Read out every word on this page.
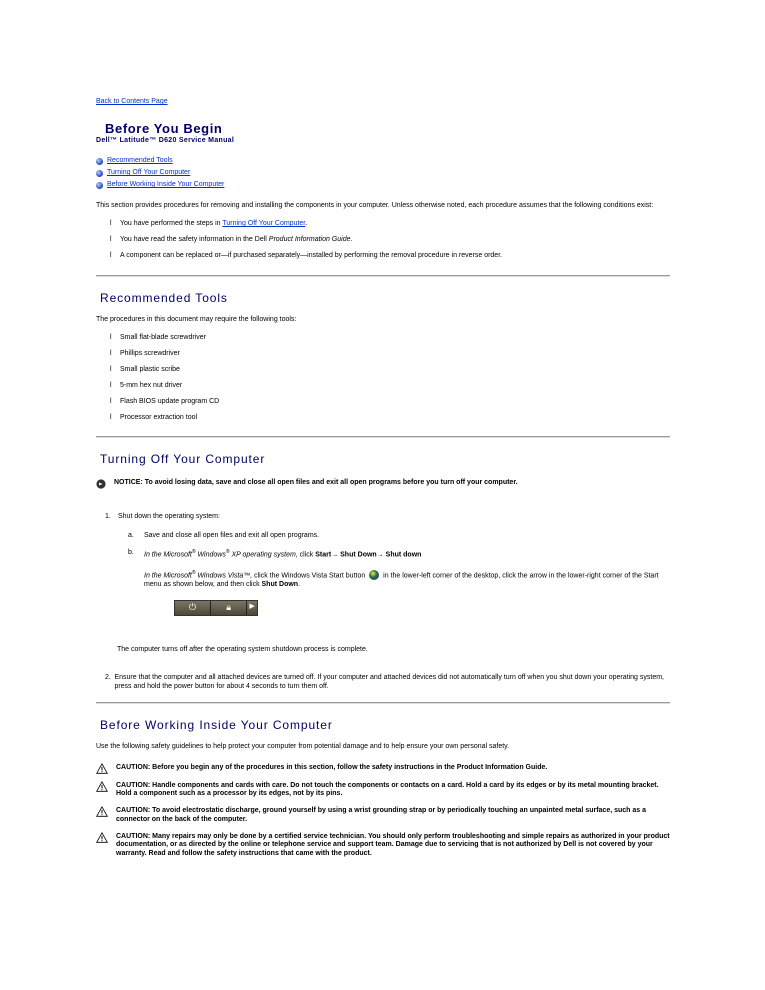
Back to Contents Page
Before You Begin
Dell™ Latitude™ D620 Service Manual
Recommended Tools
Turning Off Your Computer
Before Working Inside Your Computer

This section provides procedures for removing and installing the components in your computer. Unless otherwise noted, each procedure assumes that the following conditions exist:

l	You have performed the steps in Turning Off Your Computer.
l	You have read the safety information in the Dell Product Information Guide.
l	A component can be replaced or—if purchased separately—installed by performing the removal procedure in reverse order.
Recommended Tools

The procedures in this document may require the following tools:

l	Small flat-blade screwdriver
l	Phillips screwdriver
l	Small plastic scribe
l	5-mm hex nut driver
l	Flash BIOS update program CD
l	Processor extraction tool
Turning Off Your Computer
NOTICE: To avoid losing data, save and close all open files and exit all open programs before you turn off your computer.
1.	Shut down the operating system:
a.	Save and close all open files and exit all open programs.
b.	In the Microsoft® Windows® XP operating system, click Start→ Shut Down→ Shut down
In the Microsoft® Windows Vista™, click the Windows Vista Start button  in the lower-left corner of the desktop, click the arrow in the lower-right corner of the Start menu as shown below, and then click Shut Down.
⏻	🔒︎	▶

The computer turns off after the operating system shutdown process is complete.

2. Ensure that the computer and all attached devices are turned off. If your computer and attached devices did not automatically turn off when you shut down your operating system, press and hold the power button for about 4 seconds to turn them off.
Before Working Inside Your Computer

Use the following safety guidelines to help protect your computer from potential damage and to help ensure your own personal safety.

CAUTION: Before you begin any of the procedures in this section, follow the safety instructions in the Product Information Guide.
CAUTION: Handle components and cards with care. Do not touch the components or contacts on a card. Hold a card by its edges or by its metal mounting bracket. Hold a component such as a processor by its edges, not by its pins.
CAUTION: To avoid electrostatic discharge, ground yourself by using a wrist grounding strap or by periodically touching an unpainted metal surface, such as a connector on the back of the computer.
CAUTION: Many repairs may only be done by a certified service technician. You should only perform troubleshooting and simple repairs as authorized in your product documentation, or as directed by the online or telephone service and support team. Damage due to servicing that is not authorized by Dell is not covered by your warranty. Read and follow the safety instructions that came with the product.
